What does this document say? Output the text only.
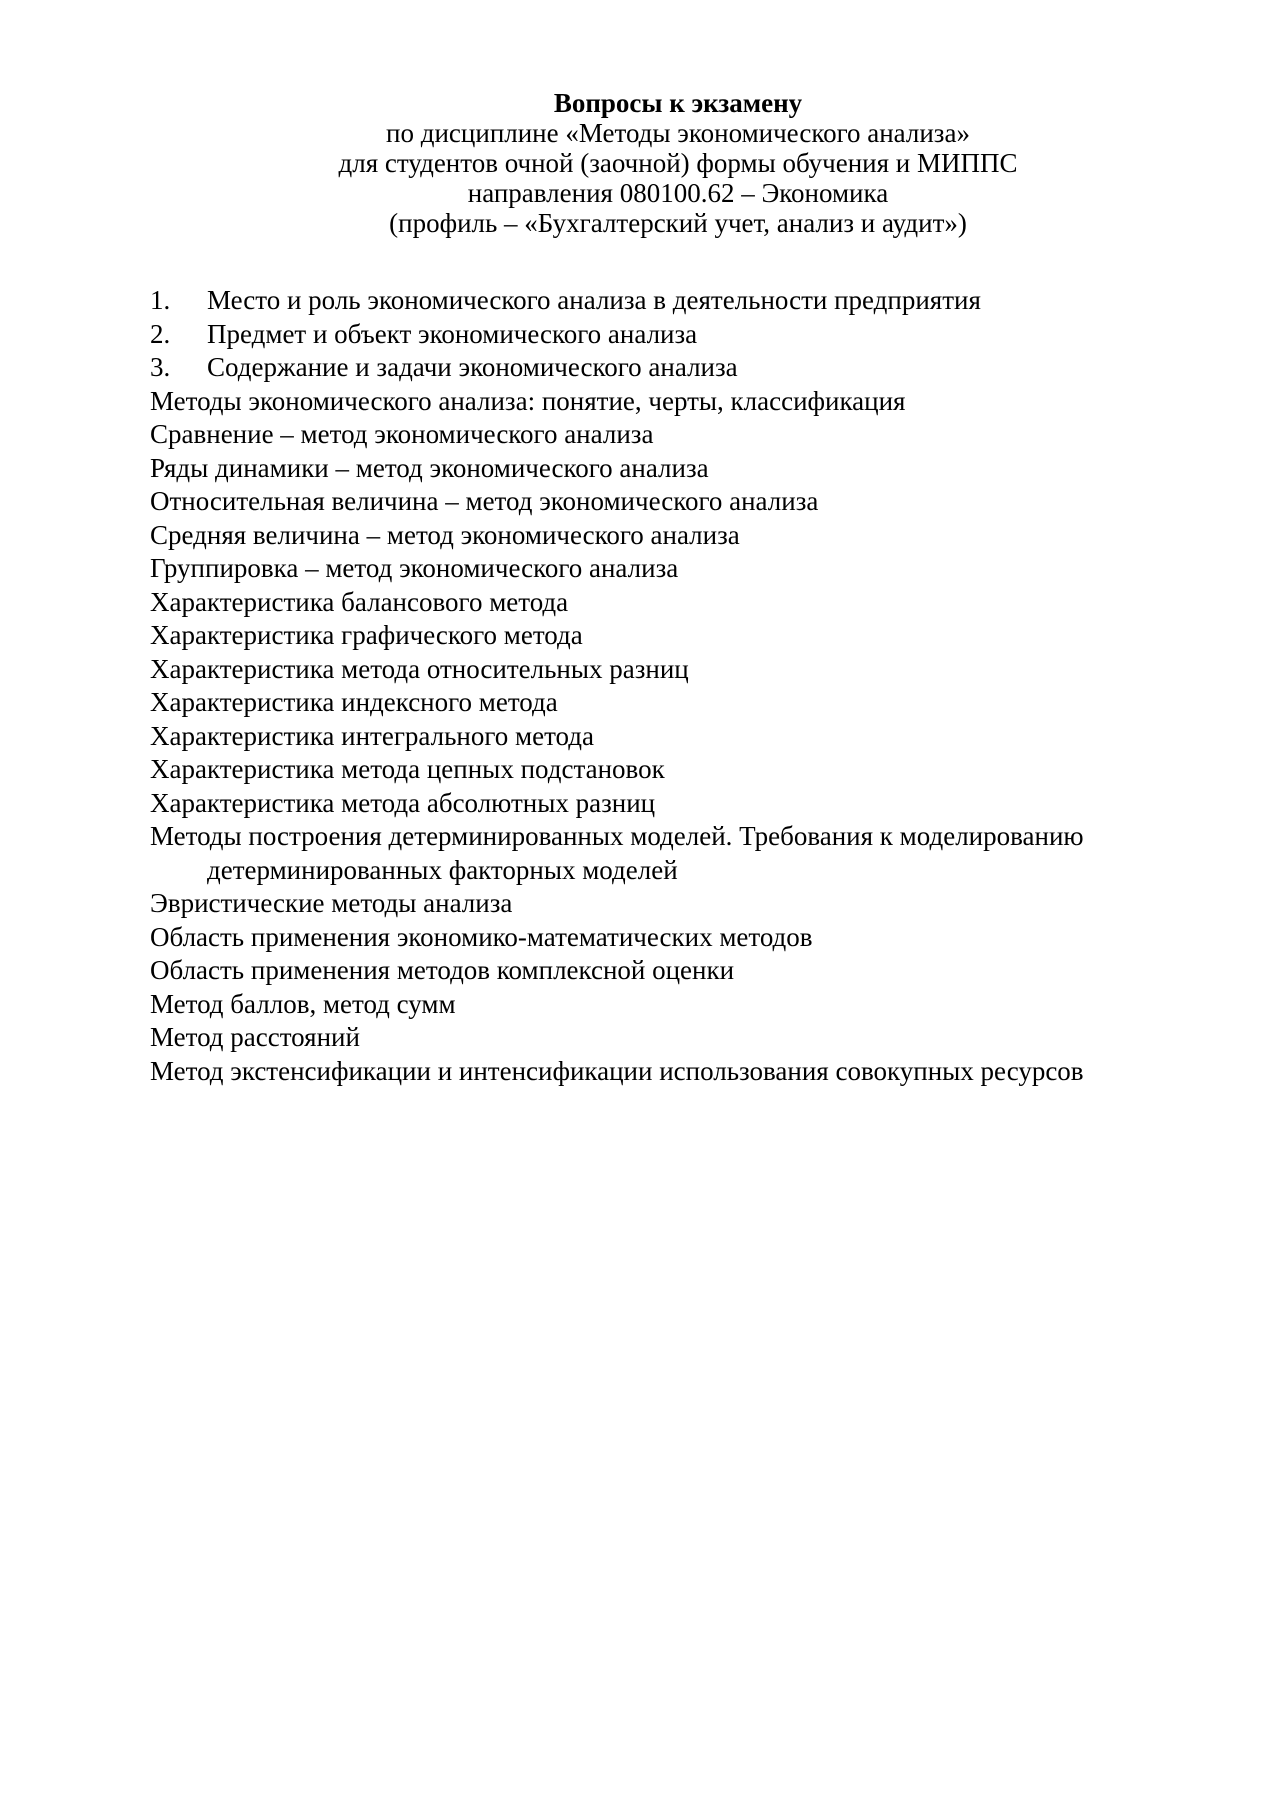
Вопросы к экзамену
по дисциплине «Методы экономического анализа»
для студентов очной (заочной) формы обучения и МИППС
направления 080100.62 – Экономика
(профиль – «Бухгалтерский учет, анализ и аудит»)
1. Место и роль экономического анализа в деятельности предприятия
2. Предмет и объект экономического анализа
3. Содержание и задачи экономического анализа
Методы экономического анализа: понятие, черты, классификация
Сравнение – метод экономического анализа
Ряды динамики – метод экономического анализа
Относительная величина – метод экономического анализа
Средняя величина – метод экономического анализа
Группировка – метод экономического анализа
Характеристика балансового метода
Характеристика графического метода
Характеристика метода относительных разниц
Характеристика индексного метода
Характеристика интегрального метода
Характеристика метода цепных подстановок
Характеристика метода абсолютных разниц
Методы построения детерминированных моделей. Требования к моделированию
детерминированных факторных моделей
Эвристические методы анализа
Область применения экономико-математических методов
Область применения методов комплексной оценки
Метод баллов, метод сумм
Метод расстояний
Метод экстенсификации и интенсификации использования совокупных ресурсов
